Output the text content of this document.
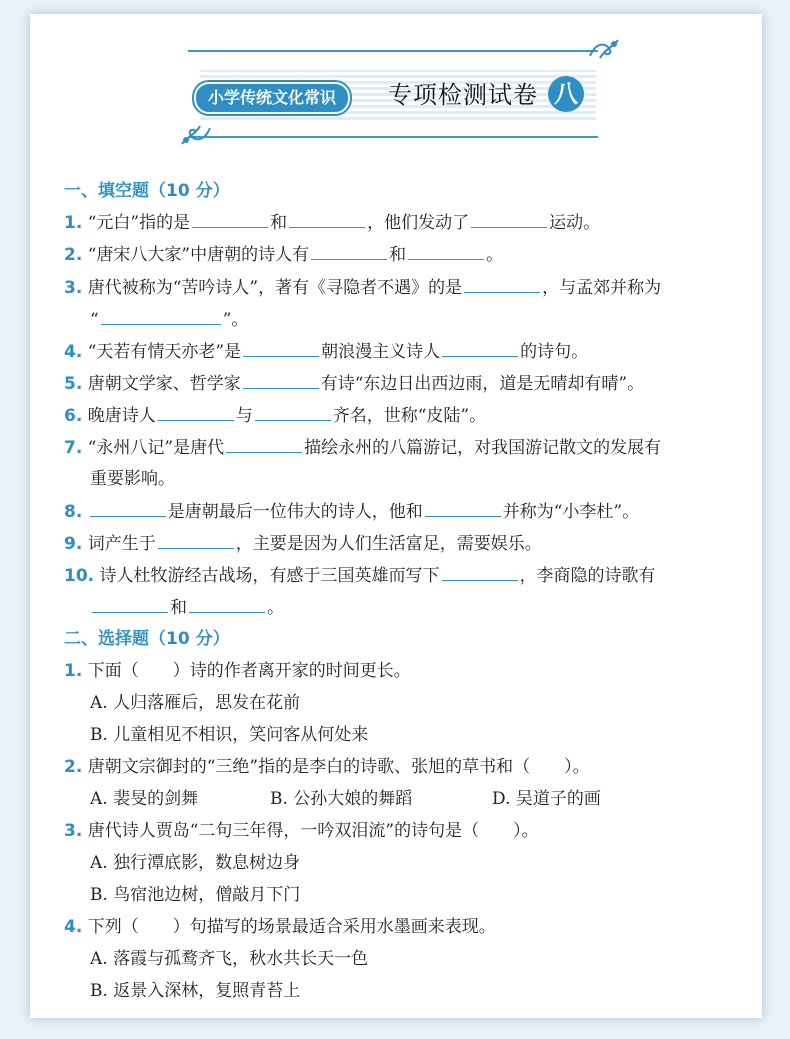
小学传统文化常识	专项检测试卷 八
一、填空题（10 分）
1. “元白”指的是	和	，他们发动了	运动。
2. “唐宋八大家”中唐朝的诗人有	和	。
3. 唐代被称为“苦吟诗人”，著有《寻隐者不遇》的是	，与孟郊并称为
“	”。
4. “天若有情天亦老”是	朝浪漫主义诗人	的诗句。
5. 唐朝文学家、哲学家	有诗“东边日出西边雨，道是无晴却有晴”。
6. 晚唐诗人	与	齐名，世称“皮陆”。
7. “永州八记”是唐代	描绘永州的八篇游记，对我国游记散文的发展有
重要影响。
8.	是唐朝最后一位伟大的诗人，他和	并称为“小李杜”。
9. 词产生于	，主要是因为人们生活富足，需要娱乐。
10. 诗人杜牧游经古战场，有感于三国英雄而写下	，李商隐的诗歌有
和	。
二、选择题（10 分）
1. 下面（　　）诗的作者离开家的时间更长。
A. 人归落雁后，思发在花前
B. 儿童相见不相识，笑问客从何处来
2. 唐朝文宗御封的“三绝”指的是李白的诗歌、张旭的草书和（　　）。
A. 裴旻的剑舞	B. 公孙大娘的舞蹈	D. 吴道子的画
3. 唐代诗人贾岛“二句三年得，一吟双泪流”的诗句是（　　）。
A. 独行潭底影，数息树边身
B. 鸟宿池边树，僧敲月下门
4. 下列（　　）句描写的场景最适合采用水墨画来表现。
A. 落霞与孤鹜齐飞，秋水共长天一色
B. 返景入深林，复照青苔上
